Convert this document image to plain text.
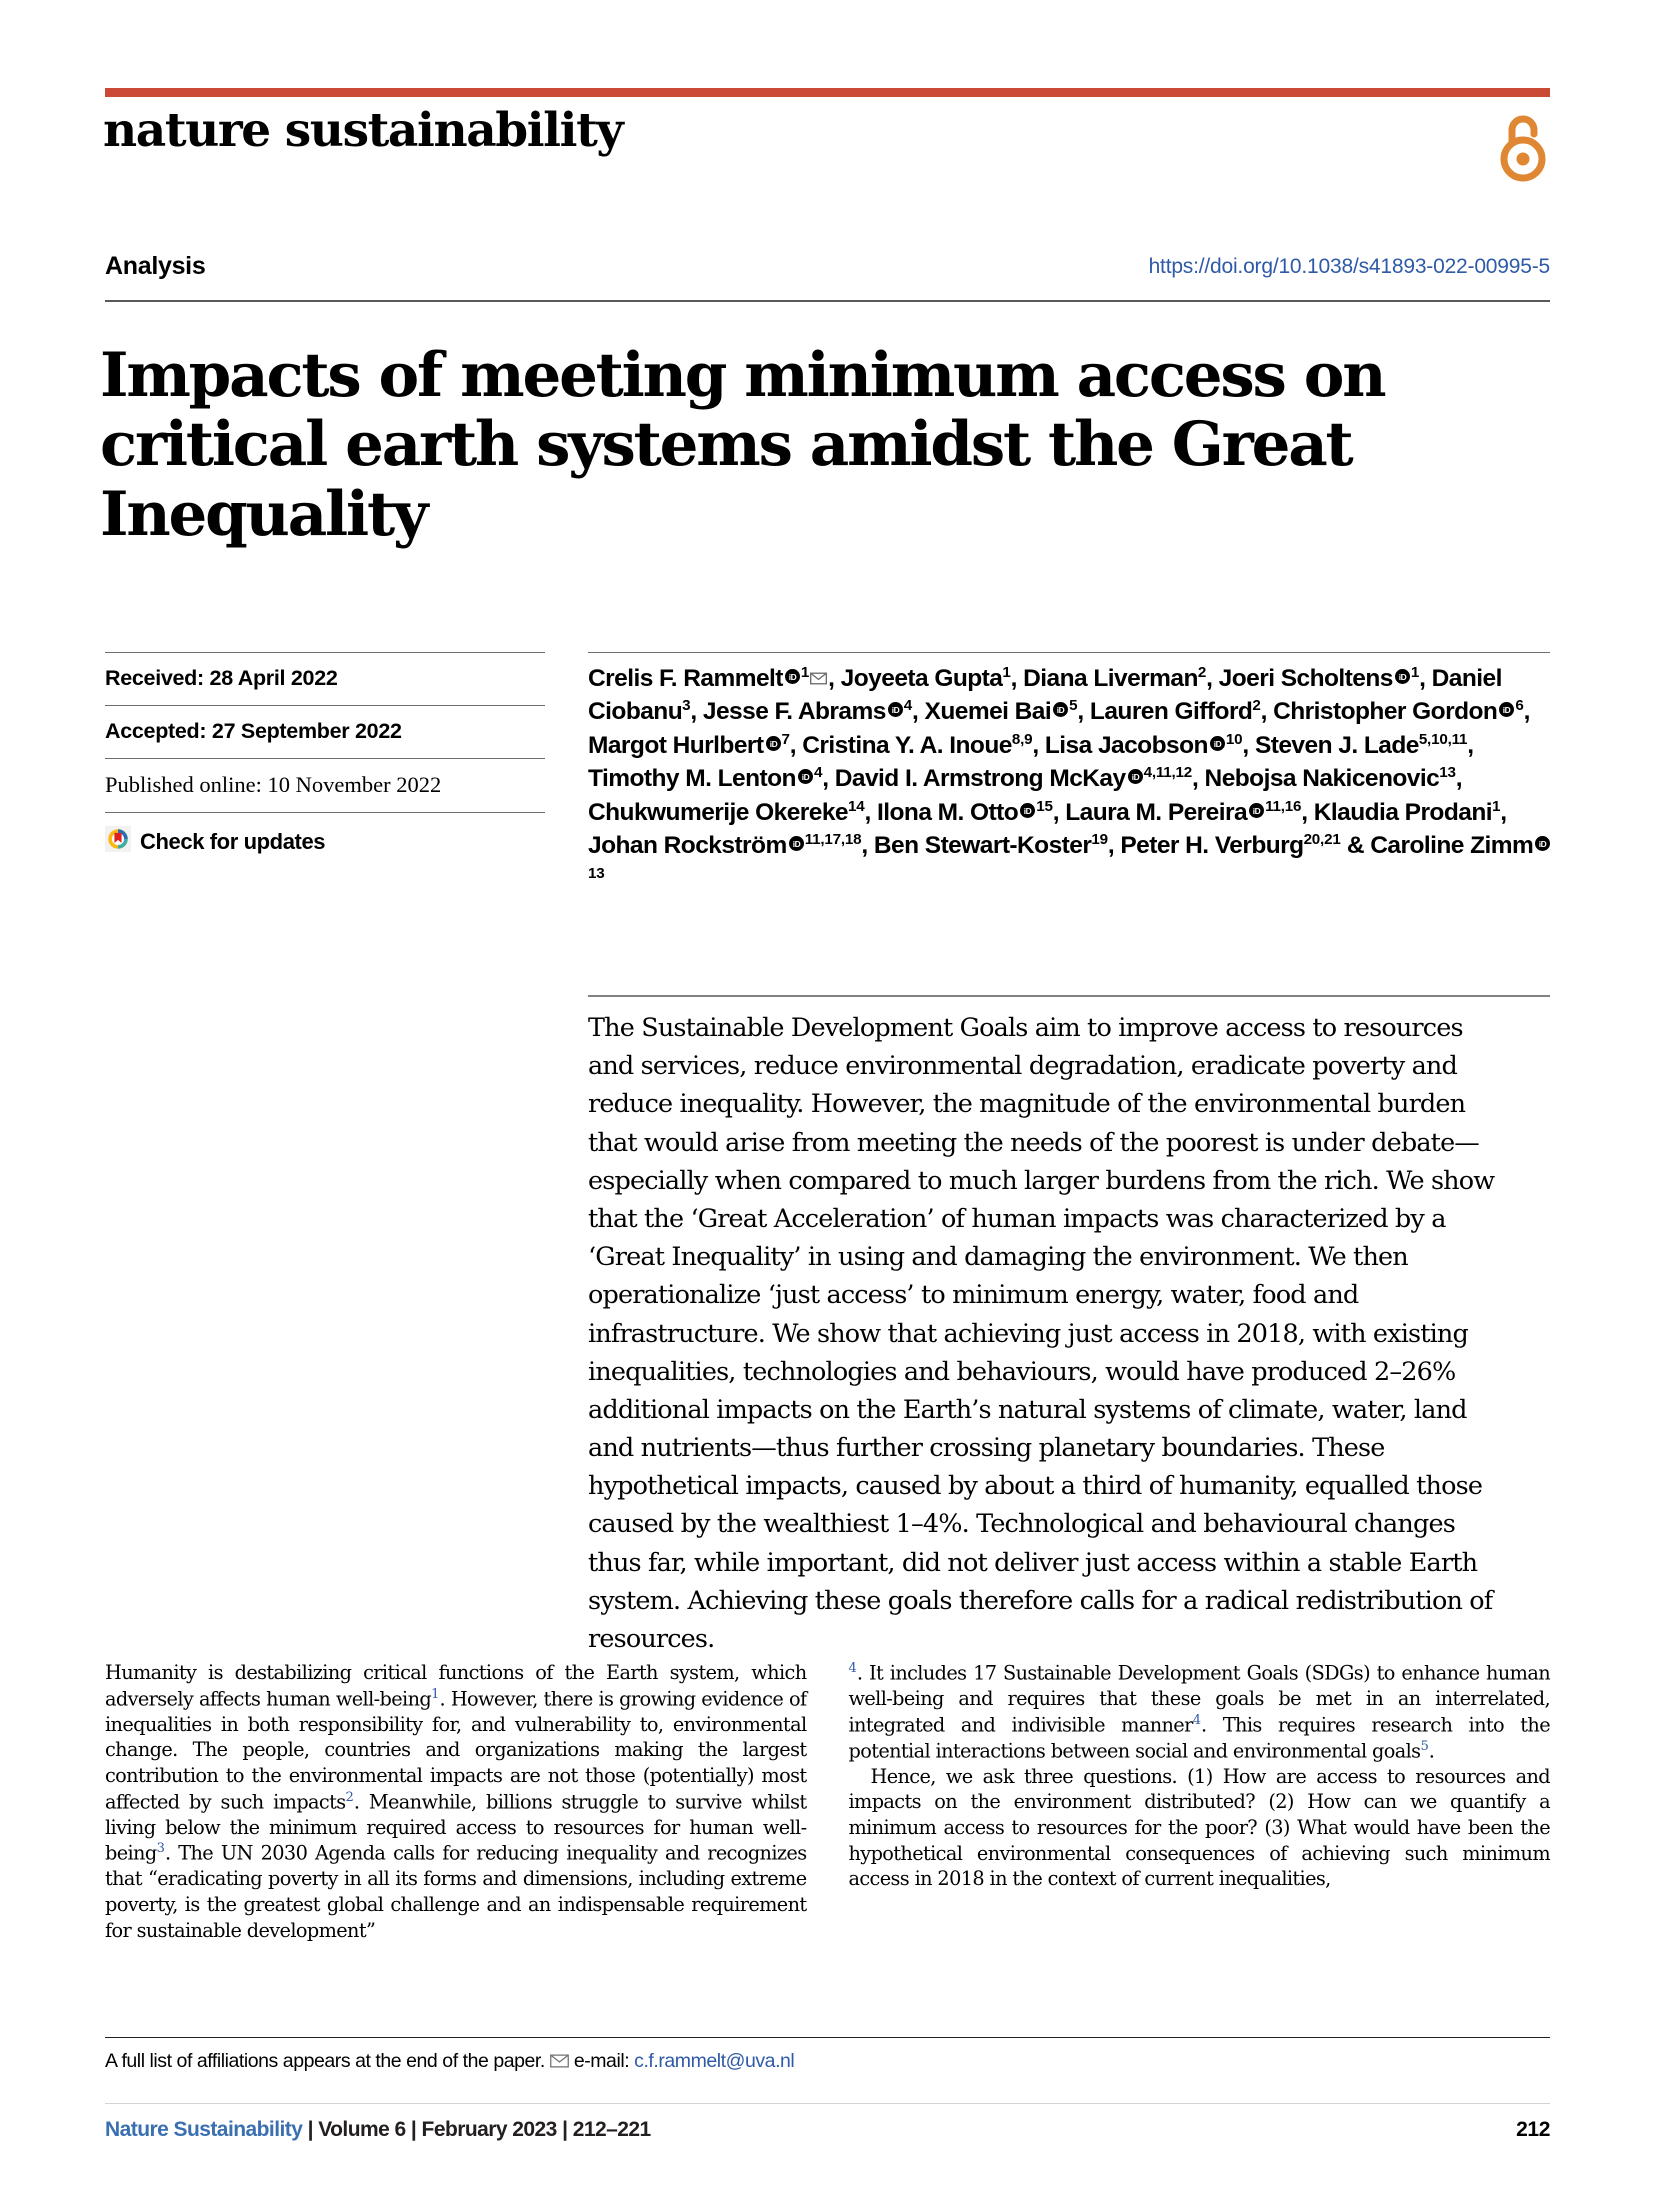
nature sustainability
Analysis	https://doi.org/10.1038/s41893-022-00995-5
Impacts of meeting minimum access on critical earth systems amidst the Great Inequality
Received: 28 April 2022
Accepted: 27 September 2022
Published online: 10 November 2022
Check for updates
Crelis F. Rammelt iD $^1$ , Joyeeta Gupta$^1$, Diana Liverman$^2$, Joeri Scholtens iD $^1$, Daniel Ciobanu$^3$, Jesse F. Abrams iD $^4$, Xuemei Bai iD $^5$, Lauren Gifford$^2$, Christopher Gordon iD $^6$, Margot Hurlbert iD $^7$, Cristina Y. A. Inoue$^{8,9}$, Lisa Jacobson iD $^{10}$, Steven J. Lade$^{5,10,11}$, Timothy M. Lenton iD $^4$, David I. Armstrong McKay iD $^{4,11,12}$, Nebojsa Nakicenovic$^{13}$, Chukwumerije Okereke$^{14}$, Ilona M. Otto iD $^{15}$, Laura M. Pereira iD $^{11,16}$, Klaudia Prodani$^1$, Johan Rockström iD $^{11,17,18}$, Ben Stewart-Koster$^{19}$, Peter H. Verburg$^{20,21}$ & Caroline Zimm iD
$^{13}$
The Sustainable Development Goals aim to improve access to resources and services, reduce environmental degradation, eradicate poverty and reduce inequality. However, the magnitude of the environmental burden that would arise from meeting the needs of the poorest is under debate—especially when compared to much larger burdens from the rich. We show that the ‘Great Acceleration’ of human impacts was characterized by a ‘Great Inequality’ in using and damaging the environment. We then operationalize ‘just access’ to minimum energy, water, food and infrastructure. We show that achieving just access in 2018, with existing inequalities, technologies and behaviours, would have produced 2–26% additional impacts on the Earth’s natural systems of climate, water, land and nutrients—thus further crossing planetary boundaries. These hypothetical impacts, caused by about a third of humanity, equalled those caused by the wealthiest 1–4%. Technological and behavioural changes thus far, while important, did not deliver just access within a stable Earth system. Achieving these goals therefore calls for a radical redistribution of resources.

Humanity is destabilizing critical functions of the Earth system, which adversely affects human well-being$^1$. However, there is growing evidence of inequalities in both responsibility for, and vulnerability to, environmental change. The people, countries and organizations making the largest contribution to the environmental impacts are not those (potentially) most affected by such impacts$^2$. Meanwhile, billions struggle to survive whilst living below the minimum required access to resources for human well-being$^3$. The UN 2030 Agenda calls for reducing inequality and recognizes that “eradicating poverty in all its forms and dimensions, including extreme poverty, is the greatest global challenge and an indispensable requirement for sustainable development”

$^4$. It includes 17 Sustainable Development Goals (SDGs) to enhance human well-being and requires that these goals be met in an interrelated, integrated and indivisible manner$^4$. This requires research into the potential interactions between social and environmental goals$^5$.

Hence, we ask three questions. (1) How are access to resources and impacts on the environment distributed? (2) How can we quantify a minimum access to resources for the poor? (3) What would have been the hypothetical environmental consequences of achieving such minimum access in 2018 in the context of current inequalities,

A full list of affiliations appears at the end of the paper. e-mail: c.f.rammelt@uva.nl
Nature Sustainability | Volume 6 | February 2023 | 212–221	212
